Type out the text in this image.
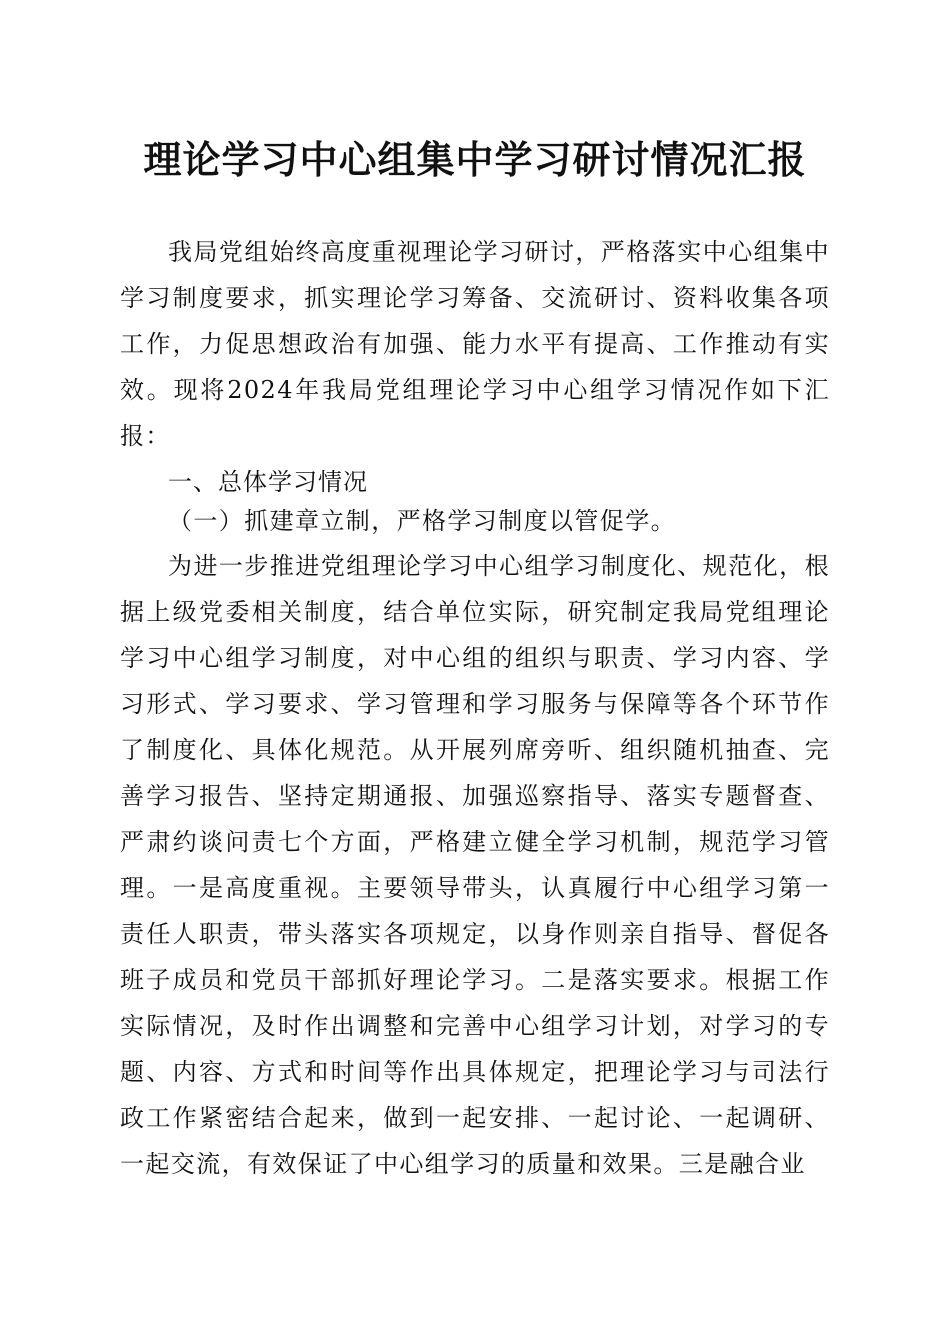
理论学习中心组集中学习研讨情况汇报

我局党组始终高度重视理论学习研讨，严格落实中心组集中学习制度要求，抓实理论学习筹备、交流研讨、资料收集各项工作，力促思想政治有加强、能力水平有提高、工作推动有实效。现将2024年我局党组理论学习中心组学习情况作如下汇报：

一、总体学习情况

（一）抓建章立制，严格学习制度以管促学。

为进一步推进党组理论学习中心组学习制度化、规范化，根据上级党委相关制度，结合单位实际，研究制定我局党组理论学习中心组学习制度，对中心组的组织与职责、学习内容、学习形式、学习要求、学习管理和学习服务与保障等各个环节作了制度化、具体化规范。从开展列席旁听、组织随机抽查、完善学习报告、坚持定期通报、加强巡察指导、落实专题督查、严肃约谈问责七个方面，严格建立健全学习机制，规范学习管理。一是高度重视。主要领导带头，认真履行中心组学习第一责任人职责，带头落实各项规定，以身作则亲自指导、督促各班子成员和党员干部抓好理论学习。二是落实要求。根据工作实际情况，及时作出调整和完善中心组学习计划，对学习的专题、内容、方式和时间等作出具体规定，把理论学习与司法行政工作紧密结合起来，做到一起安排、一起讨论、一起调研、一起交流，有效保证了中心组学习的质量和效果。三是融合业
